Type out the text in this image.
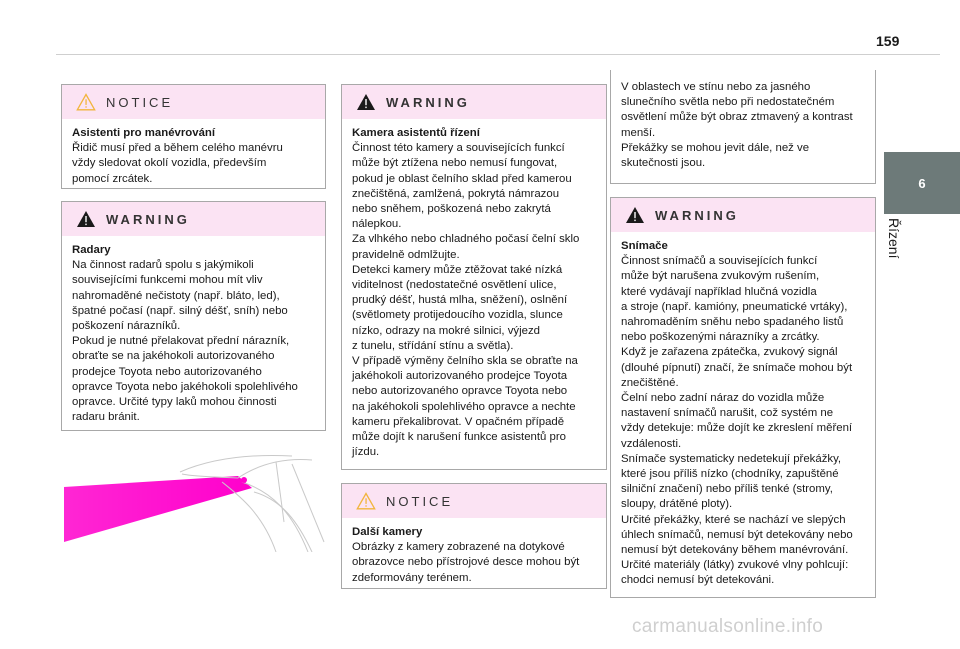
159
6
Řízení
NOTICE

Asistenti pro manévrování

Řidič musí před a během celého manévru

vždy sledovat okolí vozidla, především

pomocí zrcátek.

WARNING

Radary

Na činnost radarů spolu s jakýmikoli

souvisejícími funkcemi mohou mít vliv

nahromaděné nečistoty (např. bláto, led),

špatné počasí (např. silný déšť, sníh) nebo

poškození nárazníků.

Pokud je nutné přelakovat přední nárazník,

obraťte se na jakéhokoli autorizovaného

prodejce Toyota nebo autorizovaného

opravce Toyota nebo jakéhokoli spolehlivého

opravce. Určité typy laků mohou činnosti

radaru bránit.

WARNING

Kamera asistentů řízení

Činnost této kamery a souvisejících funkcí

může být ztížena nebo nemusí fungovat,

pokud je oblast čelního sklad před kamerou

znečištěná, zamlžená, pokrytá námrazou

nebo sněhem, poškozená nebo zakrytá

nálepkou.

Za vlhkého nebo chladného počasí čelní sklo

pravidelně odmlžujte.

Detekci kamery může ztěžovat také nízká

viditelnost (nedostatečné osvětlení ulice,

prudký déšť, hustá mlha, sněžení), oslnění

(světlomety protijedoucího vozidla, slunce

nízko, odrazy na mokré silnici, výjezd

z tunelu, střídání stínu a světla).

V případě výměny čelního skla se obraťte na

jakéhokoli autorizovaného prodejce Toyota

nebo autorizovaného opravce Toyota nebo

na jakéhokoli spolehlivého opravce a nechte

kameru překalibrovat. V opačném případě

může dojít k narušení funkce asistentů pro

jízdu.

NOTICE

Další kamery

Obrázky z kamery zobrazené na dotykové

obrazovce nebo přístrojové desce mohou být

zdeformovány terénem.

V oblastech ve stínu nebo za jasného

slunečního světla nebo při nedostatečném

osvětlení může být obraz ztmavený a kontrast

menší.

Překážky se mohou jevit dále, než ve

skutečnosti jsou.

WARNING

Snímače

Činnost snímačů a souvisejících funkcí

může být narušena zvukovým rušením,

které vydávají například hlučná vozidla

a stroje (např. kamióny, pneumatické vrtáky),

nahromaděním sněhu nebo spadaného listů

nebo poškozenými nárazníky a zrcátky.

Když je zařazena zpátečka, zvukový signál

(dlouhé pípnutí) značí, že snímače mohou být

znečištěné.

Čelní nebo zadní náraz do vozidla může

nastavení snímačů narušit, což systém ne

vždy detekuje: může dojít ke zkreslení měření

vzdálenosti.

Snímače systematicky nedetekují překážky,

které jsou příliš nízko (chodníky, zapuštěné

silniční značení) nebo příliš tenké (stromy,

sloupy, drátěné ploty).

Určité překážky, které se nachází ve slepých

úhlech snímačů, nemusí být detekovány nebo

nemusí být detekovány během manévrování.

Určité materiály (látky) zvukové vlny pohlcují:

chodci nemusí být detekováni.

carmanualsonline.info
